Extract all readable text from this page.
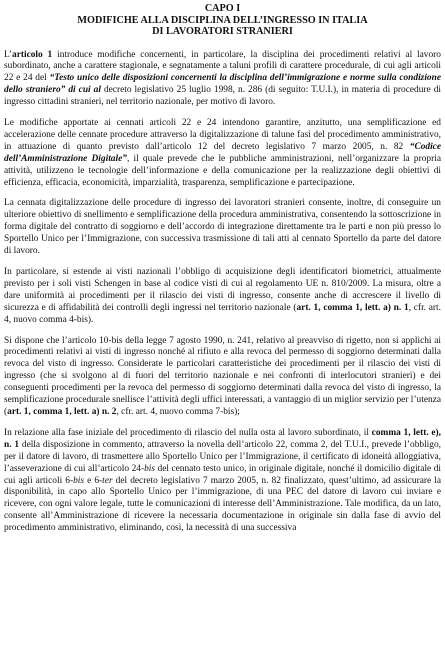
CAPO I
MODIFICHE ALLA DISCIPLINA DELL’INGRESSO IN ITALIA
DI LAVORATORI STRANIERI

L’articolo 1 introduce modifiche concernenti, in particolare, la disciplina dei procedimenti relativi al lavoro subordinato, anche a carattere stagionale, e segnatamente a taluni profili di carattere procedurale, di cui agli articoli 22 e 24 del “Testo unico delle disposizioni concernenti la disciplina dell’immigrazione e norme sulla condizione dello straniero” di cui al decreto legislativo 25 luglio 1998, n. 286 (di seguito: T.U.I.), in materia di procedure di ingresso cittadini stranieri, nel territorio nazionale, per motivo di lavoro.

Le modifiche apportate ai cennati articoli 22 e 24 intendono garantire, anzitutto, una semplificazione ed accelerazione delle cennate procedure attraverso la digitalizzazione di talune fasi del procedimento amministrativo, in attuazione di quanto previsto dall’articolo 12 del decreto legislativo 7 marzo 2005, n. 82 “Codice dell’Amministrazione Digitale”, il quale prevede che le pubbliche amministrazioni, nell’organizzare la propria attività, utilizzeno le tecnologie dell’informazione e della comunicazione per la realizzazione degli obiettivi di efficienza, efficacia, economicità, imparzialità, trasparenza, semplificazione e partecipazione.

La cennata digitalizzazione delle procedure di ingresso dei lavoratori stranieri consente, inoltre, di conseguire un ulteriore obiettivo di snellimento e semplificazione della procedura amministrativa, consentendo la sottoscrizione in forma digitale del contratto di soggiorno e dell’accordo di integrazione direttamente tra le parti e non più presso lo Sportello Unico per l’Immigrazione, con successiva trasmissione di tali atti al cennato Sportello da parte del datore di lavoro.

In particolare, si estende ai visti nazionali l’obbligo di acquisizione degli identificatori biometrici, attualmente previsto per i soli visti Schengen in base al codice visti di cui al regolamento UE n. 810/2009. La misura, oltre a dare uniformità ai procedimenti per il rilascio dei visti di ingresso, consente anche di accrescere il livello di sicurezza e di affidabilità dei controlli degli ingressi nel territorio nazionale (art. 1, comma 1, lett. a) n. 1, cfr. art. 4, nuovo comma 4-bis).

Si dispone che l’articolo 10-bis della legge 7 agosto 1990, n. 241, relativo al preavviso di rigetto, non si applichi ai procedimenti relativi ai visti di ingresso nonché al rifiuto e alla revoca del permesso di soggiorno determinati dalla revoca del visto di ingresso. Considerate le particolari caratteristiche dei procedimenti per il rilascio dei visti di ingresso (che si svolgono al di fuori del territorio nazionale e nei confronti di interlocutori stranieri) e dei conseguenti procedimenti per la revoca del permesso di soggiorno determinati dalla revoca del visto di ingresso, la semplificazione procedurale snellisce l’attività degli uffici interessati, a vantaggio di un miglior servizio per l’utenza (art. 1, comma 1, lett. a) n. 2, cfr. art. 4, nuovo comma 7-bis);

In relazione alla fase iniziale del procedimento di rilascio del nulla osta al lavoro subordinato, il comma 1, lett. e), n. 1 della disposizione in commento, attraverso la novella dell’articolo 22, comma 2, del T.U.I., prevede l’obbligo, per il datore di lavoro, di trasmettere allo Sportello Unico per l’Immigrazione, il certificato di idoneità alloggiativa, l’asseverazione di cui all’articolo 24-bis del cennato testo unico, in originale digitale, nonché il domicilio digitale di cui agli articoli 6-bis e 6-ter del decreto legislativo 7 marzo 2005, n. 82 finalizzato, quest’ultimo, ad assicurare la disponibilità, in capo allo Sportello Unico per l’immigrazione, di una PEC del datore di lavoro cui inviare e ricevere, con ogni valore legale, tutte le comunicazioni di interesse dell’Amministrazione. Tale modifica, da un lato, consente all’Amministrazione di ricevere la necessaria documentazione in originale sin dalla fase di avvio del procedimento amministrativo, eliminando, così, la necessità di una successiva
